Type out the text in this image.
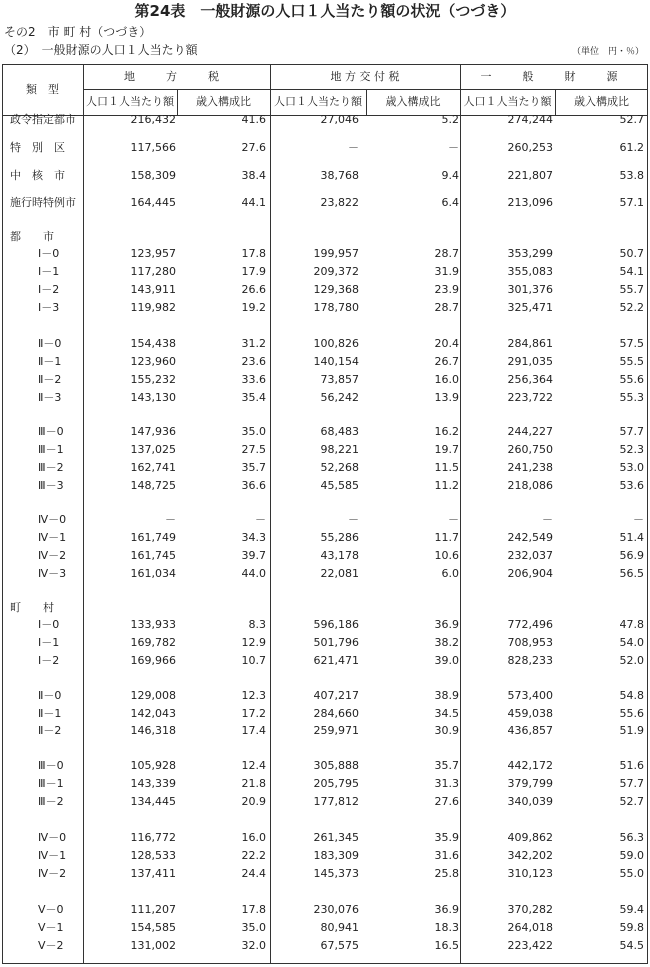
第24表　一般財源の人口１人当たり額の状況（つづき）
その2　市 町 村（つづき）
（2）　一般財源の人口１人当たり額	（単位　円・％）
類　型
地　方　税	地 方 交 付 税	一　般　財　源
人口１人当たり額	歳入構成比	人口１人当たり額	歳入構成比	人口１人当たり額	歳入構成比
政令指定都市	216,432	41.6	27,046	5.2	274,244	52.7
特　別　区	117,566	27.6	－	－	260,253	61.2
中　核　市	158,309	38.4	38,768	9.4	221,807	53.8
施行時特例市	164,445	44.1	23,822	6.4	213,096	57.1
都　　市
Ⅰ－0	123,957	17.8	199,957	28.7	353,299	50.7
Ⅰ－1	117,280	17.9	209,372	31.9	355,083	54.1
Ⅰ－2	143,911	26.6	129,368	23.9	301,376	55.7
Ⅰ－3	119,982	19.2	178,780	28.7	325,471	52.2
Ⅱ－0	154,438	31.2	100,826	20.4	284,861	57.5
Ⅱ－1	123,960	23.6	140,154	26.7	291,035	55.5
Ⅱ－2	155,232	33.6	73,857	16.0	256,364	55.6
Ⅱ－3	143,130	35.4	56,242	13.9	223,722	55.3
Ⅲ－0	147,936	35.0	68,483	16.2	244,227	57.7
Ⅲ－1	137,025	27.5	98,221	19.7	260,750	52.3
Ⅲ－2	162,741	35.7	52,268	11.5	241,238	53.0
Ⅲ－3	148,725	36.6	45,585	11.2	218,086	53.6
Ⅳ－0	－	－	－	－	－	－
Ⅳ－1	161,749	34.3	55,286	11.7	242,549	51.4
Ⅳ－2	161,745	39.7	43,178	10.6	232,037	56.9
Ⅳ－3	161,034	44.0	22,081	6.0	206,904	56.5
町　　村
Ⅰ－0	133,933	8.3	596,186	36.9	772,496	47.8
Ⅰ－1	169,782	12.9	501,796	38.2	708,953	54.0
Ⅰ－2	169,966	10.7	621,471	39.0	828,233	52.0
Ⅱ－0	129,008	12.3	407,217	38.9	573,400	54.8
Ⅱ－1	142,043	17.2	284,660	34.5	459,038	55.6
Ⅱ－2	146,318	17.4	259,971	30.9	436,857	51.9
Ⅲ－0	105,928	12.4	305,888	35.7	442,172	51.6
Ⅲ－1	143,339	21.8	205,795	31.3	379,799	57.7
Ⅲ－2	134,445	20.9	177,812	27.6	340,039	52.7
Ⅳ－0	116,772	16.0	261,345	35.9	409,862	56.3
Ⅳ－1	128,533	22.2	183,309	31.6	342,202	59.0
Ⅳ－2	137,411	24.4	145,373	25.8	310,123	55.0
Ⅴ－0	111,207	17.8	230,076	36.9	370,282	59.4
Ⅴ－1	154,585	35.0	80,941	18.3	264,018	59.8
Ⅴ－2	131,002	32.0	67,575	16.5	223,422	54.5
